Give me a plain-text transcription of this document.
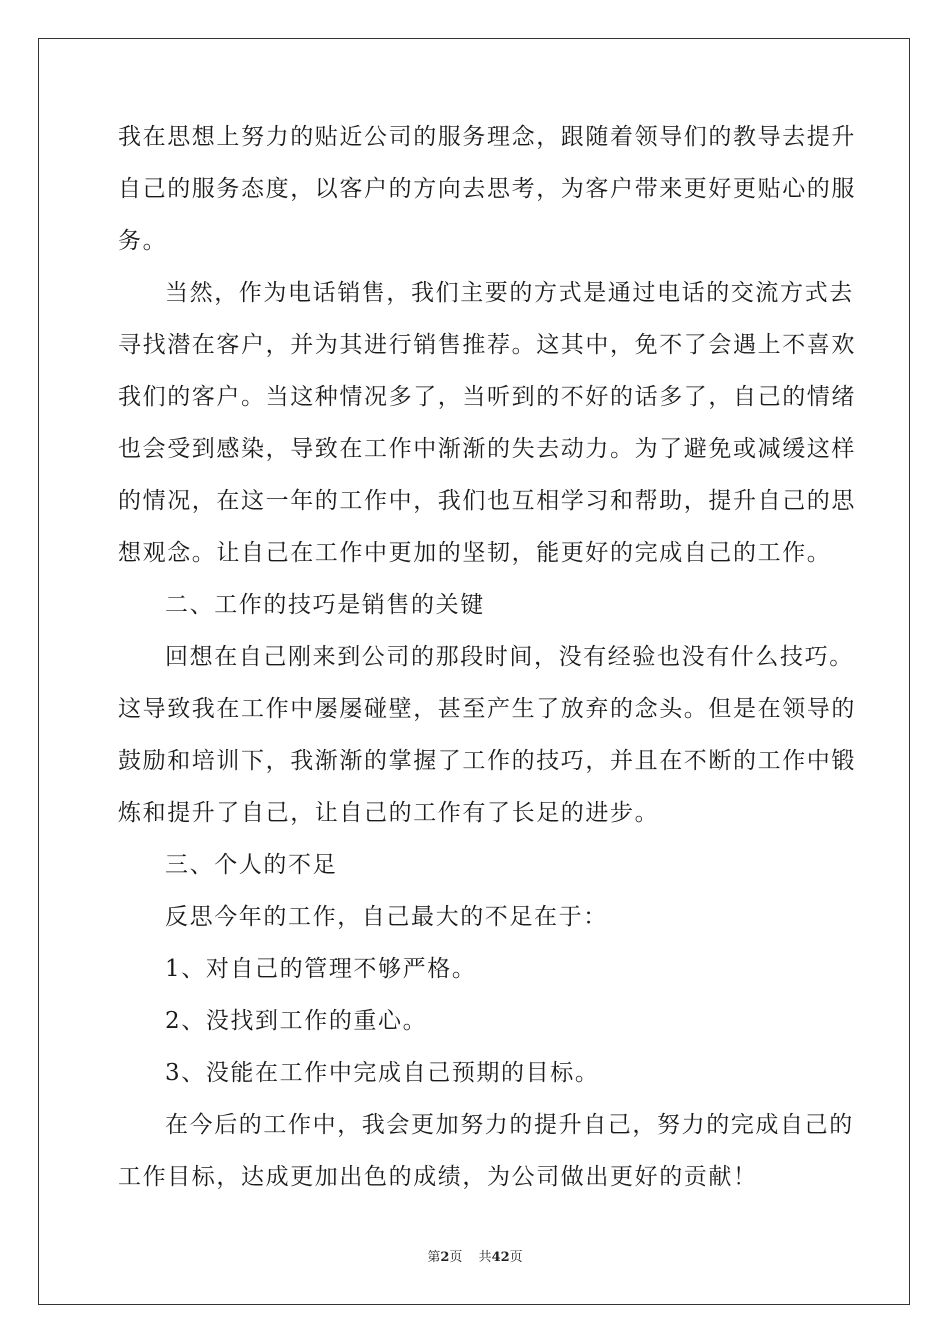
我在思想上努力的贴近公司的服务理念，跟随着领导们的教导去提升
自己的服务态度，以客户的方向去思考，为客户带来更好更贴心的服
务。
当然，作为电话销售，我们主要的方式是通过电话的交流方式去
寻找潜在客户，并为其进行销售推荐。这其中，免不了会遇上不喜欢
我们的客户。当这种情况多了，当听到的不好的话多了，自己的情绪
也会受到感染，导致在工作中渐渐的失去动力。为了避免或减缓这样
的情况，在这一年的工作中，我们也互相学习和帮助，提升自己的思
想观念。让自己在工作中更加的坚韧，能更好的完成自己的工作。
二、工作的技巧是销售的关键
回想在自己刚来到公司的那段时间，没有经验也没有什么技巧。
这导致我在工作中屡屡碰壁，甚至产生了放弃的念头。但是在领导的
鼓励和培训下，我渐渐的掌握了工作的技巧，并且在不断的工作中锻
炼和提升了自己，让自己的工作有了长足的进步。
三、个人的不足
反思今年的工作，自己最大的不足在于：
1、对自己的管理不够严格。
2、没找到工作的重心。
3、没能在工作中完成自己预期的目标。
在今后的工作中，我会更加努力的提升自己，努力的完成自己的
工作目标，达成更加出色的成绩，为公司做出更好的贡献！
第2页 共42页
